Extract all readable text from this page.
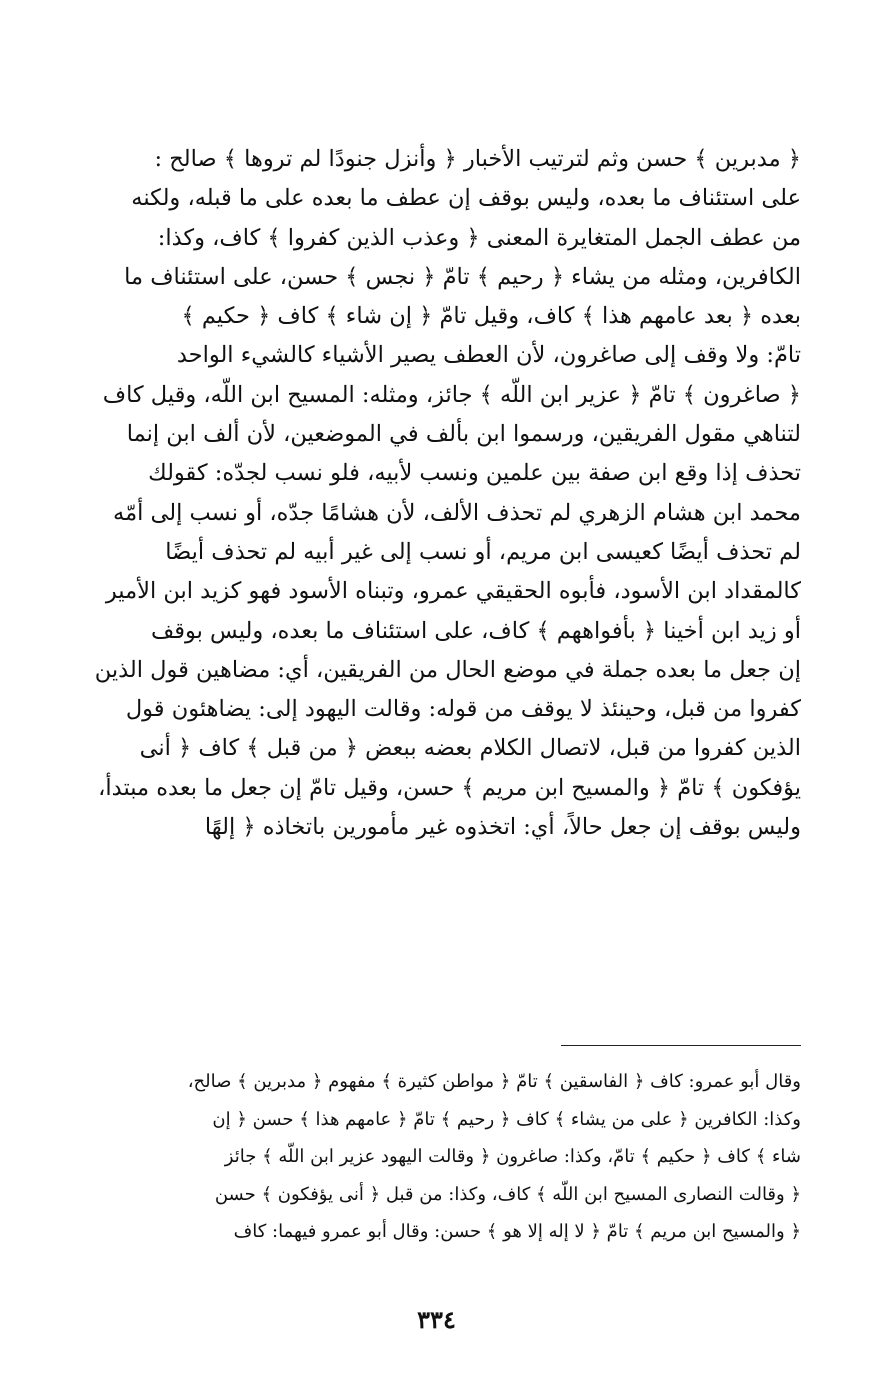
﴿ مدبرين ﴾ حسن وثم لترتيب الأخبار ﴿ وأنزل جنودًا لم تروها ﴾ صالح :
على استئناف ما بعده، وليس بوقف إن عطف ما بعده على ما قبله، ولكنه
من عطف الجمل المتغايرة المعنى ﴿ وعذب الذين كفروا ﴾ كاف، وكذا:
الكافرين، ومثله من يشاء ﴿ رحيم ﴾ تامّ ﴿ نجس ﴾ حسن، على استئناف ما
بعده ﴿ بعد عامهم هذا ﴾ كاف، وقيل تامّ ﴿ إن شاء ﴾ كاف ﴿ حكيم ﴾
تامّ: ولا وقف إلى صاغرون، لأن العطف يصير الأشياء كالشيء الواحد
﴿ صاغرون ﴾ تامّ ﴿ عزير ابن اللّه ﴾ جائز، ومثله: المسيح ابن اللّه، وقيل كاف
لتناهي مقول الفريقين، ورسموا ابن بألف في الموضعين، لأن ألف ابن إنما
تحذف إذا وقع ابن صفة بين علمين ونسب لأبيه، فلو نسب لجدّه: كقولك
محمد ابن هشام الزهري لم تحذف الألف، لأن هشامًا جدّه، أو نسب إلى أمّه
لم تحذف أيضًا كعيسى ابن مريم، أو نسب إلى غير أبيه لم تحذف أيضًا
كالمقداد ابن الأسود، فأبوه الحقيقي عمرو، وتبناه الأسود فهو كزيد ابن الأمير
أو زيد ابن أخينا ﴿ بأفواههم ﴾ كاف، على استئناف ما بعده، وليس بوقف
إن جعل ما بعده جملة في موضع الحال من الفريقين، أي: مضاهين قول الذين
كفروا من قبل، وحينئذ لا يوقف من قوله: وقالت اليهود إلى: يضاهئون قول
الذين كفروا من قبل، لاتصال الكلام بعضه ببعض ﴿ من قبل ﴾ كاف ﴿ أنى
يؤفكون ﴾ تامّ ﴿ والمسيح ابن مريم ﴾ حسن، وقيل تامّ إن جعل ما بعده مبتدأ،
وليس بوقف إن جعل حالاً، أي: اتخذوه غير مأمورين باتخاذه ﴿ إلهًا
وقال أبو عمرو: كاف ﴿ الفاسقين ﴾ تامّ ﴿ مواطن كثيرة ﴾ مفهوم ﴿ مدبرين ﴾ صالح،
وكذا: الكافرين ﴿ على من يشاء ﴾ كاف ﴿ رحيم ﴾ تامّ ﴿ عامهم هذا ﴾ حسن ﴿ إن
شاء ﴾ كاف ﴿ حكيم ﴾ تامّ، وكذا: صاغرون ﴿ وقالت اليهود عزير ابن اللّه ﴾ جائز
﴿ وقالت النصارى المسيح ابن اللّه ﴾ كاف، وكذا: من قبل ﴿ أنى يؤفكون ﴾ حسن
﴿ والمسيح ابن مريم ﴾ تامّ ﴿ لا إله إلا هو ﴾ حسن: وقال أبو عمرو فيهما: كاف
٣٣٤
